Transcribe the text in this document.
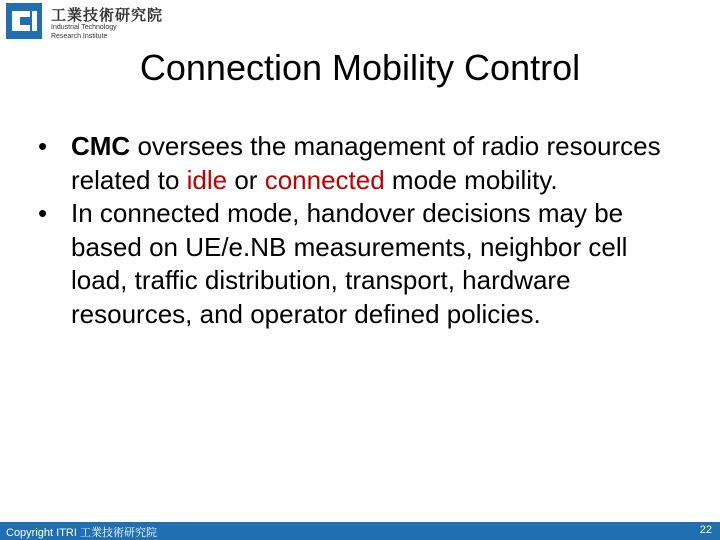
工業技術研究院
Industrial Technology
Research Institute
Connection Mobility Control

• CMC oversees the management of radio resources related to idle or connected mode mobility.

• In connected mode, handover decisions may be based on UE/e.NB measurements, neighbor cell load, traffic distribution, transport, hardware resources, and operator defined policies.

Copyright ITRI 工業技術研究院	22
